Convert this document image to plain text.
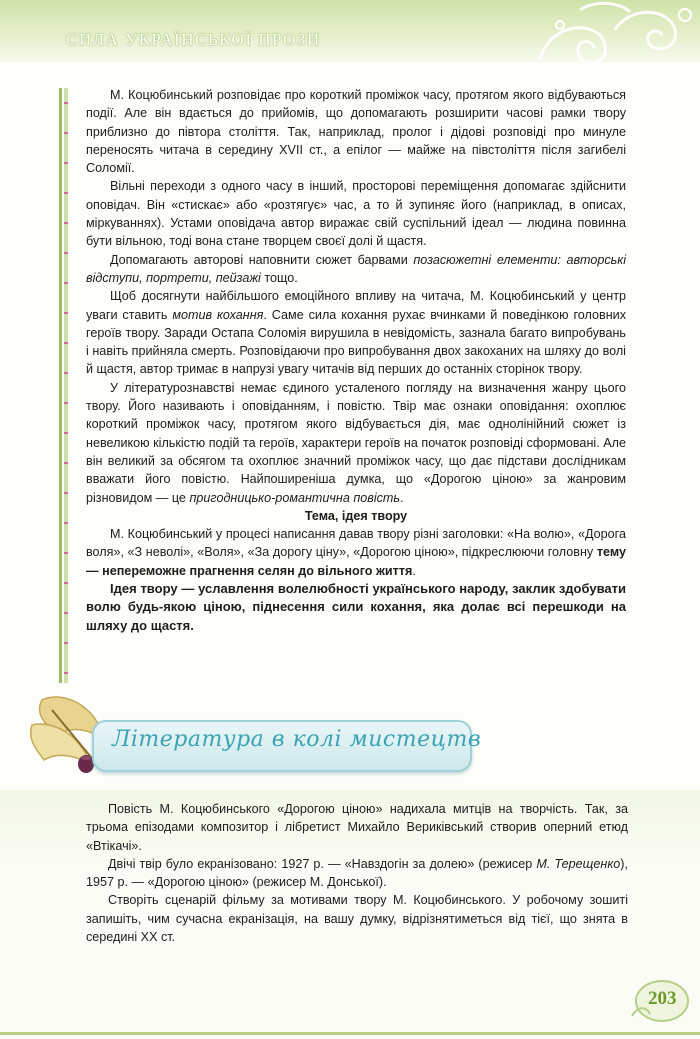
СИЛА УКРАЇНСЬКОЇ ПРОЗИ

М. Коцюбинський розповідає про короткий проміжок часу, протягом якого відбуваються події. Але він вдається до прийомів, що допомагають розширити часові рамки твору приблизно до півтора століття. Так, наприклад, пролог і дідові розповіді про минуле переносять читача в середину XVII ст., а епілог — майже на півстоліття після загибелі Соломії.

Вільні переходи з одного часу в інший, просторові переміщення допомагає здійснити оповідач. Він «стискає» або «розтягує» час, а то й зупиняє його (наприклад, в описах, міркуваннях). Устами оповідача автор виражає свій суспільний ідеал — людина повинна бути вільною, тоді вона стане творцем своєї долі й щастя.

Допомагають авторові наповнити сюжет барвами позасюжетні елементи: авторські відступи, портрети, пейзажі тощо.

Щоб досягнути найбільшого емоційного впливу на читача, М. Коцюбинський у центр уваги ставить мотив кохання. Саме сила кохання рухає вчинками й поведінкою головних героїв твору. Заради Остапа Соломія вирушила в невідомість, зазнала багато випробувань і навіть прийняла смерть. Розповідаючи про випробування двох закоханих на шляху до волі й щастя, автор тримає в напрузі увагу читачів від перших до останніх сторінок твору.

У літературознавстві немає єдиного усталеного погляду на визначення жанру цього твору. Його називають і оповіданням, і повістю. Твір має ознаки оповідання: охоплює короткий проміжок часу, протягом якого відбувається дія, має однолінійний сюжет із невеликою кількістю подій та героїв, характери героїв на початок розповіді сформовані. Але він великий за обсягом та охоплює значний проміжок часу, що дає підстави дослідникам вважати його повістю. Найпоширеніша думка, що «Дорогою ціною» за жанровим різновидом — це пригодницько-романтична повість.

Тема, ідея твору

М. Коцюбинський у процесі написання давав твору різні заголовки: «На волю», «Дорога воля», «З неволі», «Воля», «За дорогу ціну», «Дорогою ціною», підкреслюючи головну тему — непереможне прагнення селян до вільного життя.

Ідея твору — уславлення волелюбності українського народу, заклик здобувати волю будь-якою ціною, піднесення сили кохання, яка долає всі перешкоди на шляху до щастя.

Література в колі мистецтв

Повість М. Коцюбинського «Дорогою ціною» надихала митців на творчість. Так, за трьома епізодами композитор і лібретист Михайло Вериківський створив оперний етюд «Втікачі».

Двічі твір було екранізовано: 1927 р. — «Навздогін за долею» (режисер М. Терещенко), 1957 р. — «Дорогою ціною» (режисер М. Донської).

Створіть сценарій фільму за мотивами твору М. Коцюбинського. У робочому зошиті запишіть, чим сучасна екранізація, на вашу думку, відрізнятиметься від тієї, що знята в середині XX ст.

203
